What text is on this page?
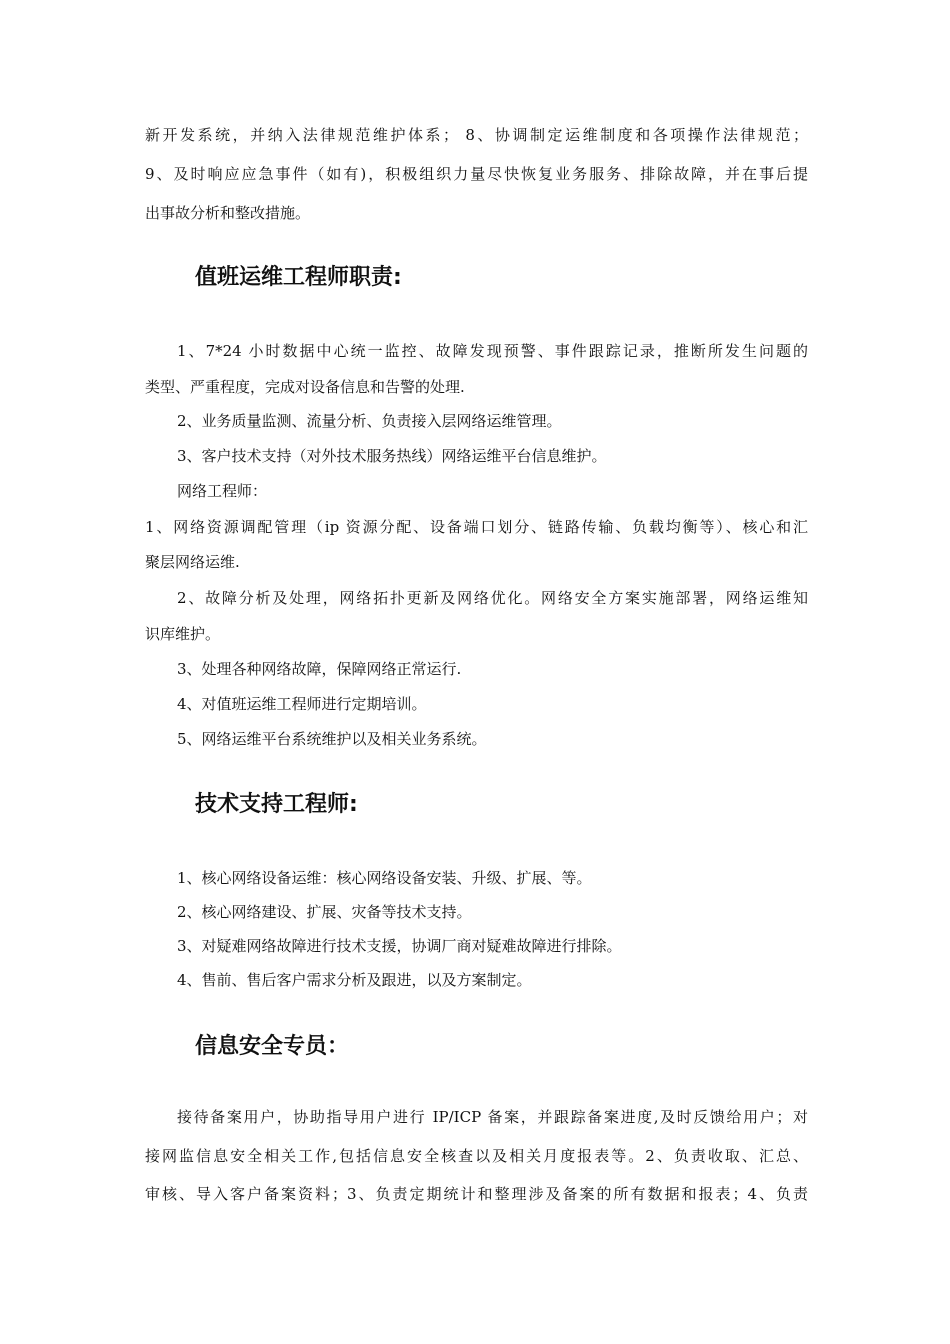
新开发系统，并纳入法律规范维护体系； 8、协调制定运维制度和各项操作法律规范；
9、及时响应应急事件（如有)，积极组织力量尽快恢复业务服务、排除故障，并在事后提
出事故分析和整改措施。
值班运维工程师职责:
1、7*24 小时数据中心统一监控、故障发现预警、事件跟踪记录，推断所发生问题的
类型、严重程度，完成对设备信息和告警的处理.
2、业务质量监测、流量分析、负责接入层网络运维管理。
3、客户技术支持（对外技术服务热线）网络运维平台信息维护。
网络工程师：
1、网络资源调配管理（ip 资源分配、设备端口划分、链路传输、负载均衡等）、核心和汇
聚层网络运维.
2、故障分析及处理，网络拓扑更新及网络优化。网络安全方案实施部署，网络运维知
识库维护。
3、处理各种网络故障，保障网络正常运行.
4、对值班运维工程师进行定期培训。
5、网络运维平台系统维护以及相关业务系统。
技术支持工程师:
1、核心网络设备运维：核心网络设备安装、升级、扩展、等。
2、核心网络建设、扩展、灾备等技术支持。
3、对疑难网络故障进行技术支援，协调厂商对疑难故障进行排除。
4、售前、售后客户需求分析及跟进，以及方案制定。
信息安全专员：
接待备案用户，协助指导用户进行 IP/ICP 备案，并跟踪备案进度,及时反馈给用户；对
接网监信息安全相关工作,包括信息安全核查以及相关月度报表等。2、负责收取、汇总、
审核、导入客户备案资料；3、负责定期统计和整理涉及备案的所有数据和报表；4、负责
